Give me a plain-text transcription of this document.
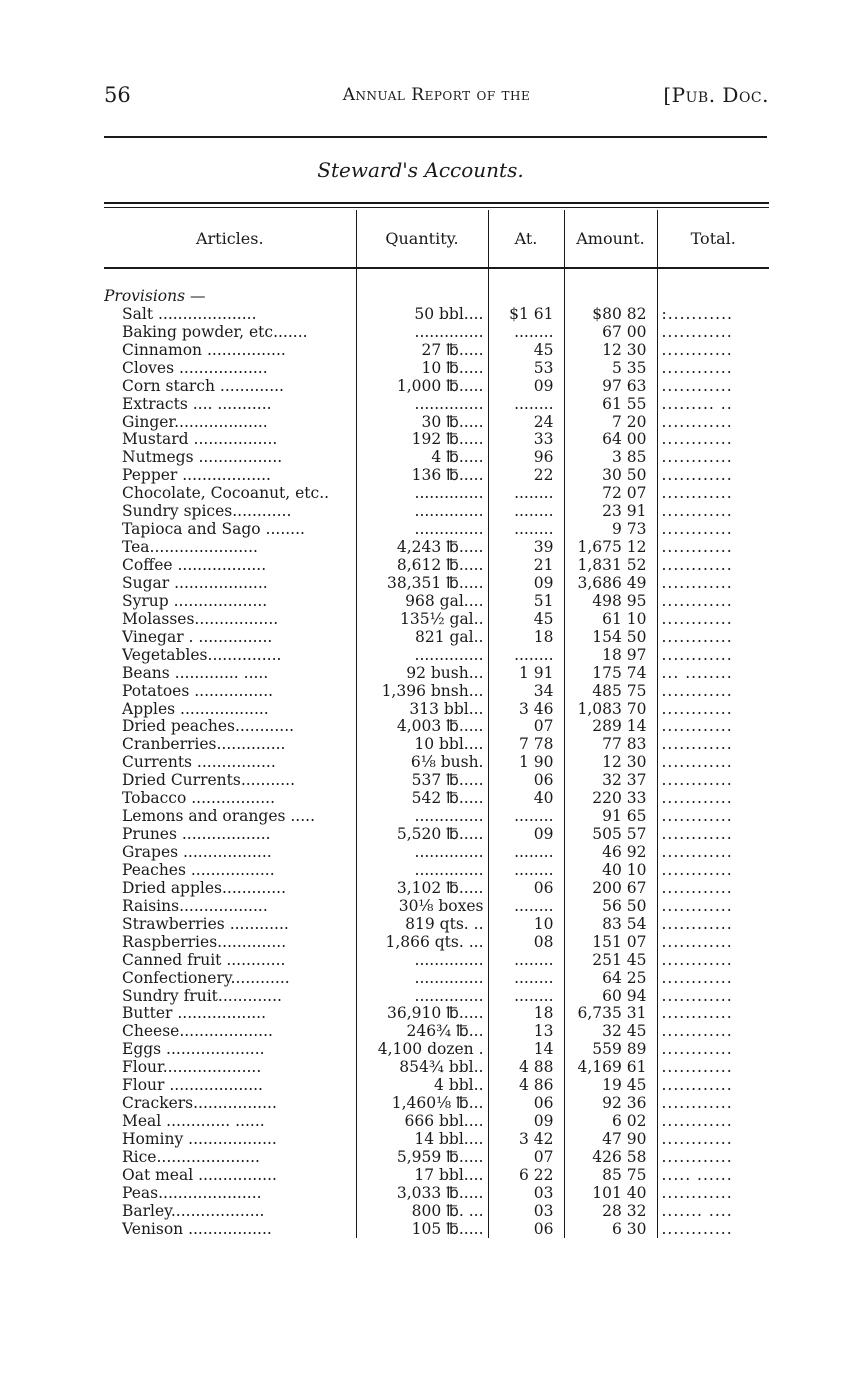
56	Annual Report of the	[Pub. Doc.
Steward's Accounts.
Articles.	Quantity.	At.	Amount.	Total.

Provisions —				
Salt ....................	50 bbl....	$1 61	$80 82	:...........
Baking powder, etc.......	..............	........	67 00	............
Cinnamon ................	27 ℔.....	45	12 30	............
Cloves ..................	10 ℔.....	53	5 35	............
Corn starch .............	1,000 ℔.....	09	97 63	............
Extracts .... ...........	..............	........	61 55	......... ..
Ginger...................	30 ℔.....	24	7 20	............
Mustard .................	192 ℔.....	33	64 00	............
Nutmegs .................	4 ℔.....	96	3 85	............
Pepper ..................	136 ℔.....	22	30 50	............
Chocolate, Cocoanut, etc..	..............	........	72 07	............
Sundry spices............	..............	........	23 91	............
Tapioca and Sago ........	..............	........	9 73	............
Tea......................	4,243 ℔.....	39	1,675 12	............
Coffee ..................	8,612 ℔.....	21	1,831 52	............
Sugar ...................	38,351 ℔.....	09	3,686 49	............
Syrup ...................	968 gal....	51	498 95	............
Molasses.................	135½ gal..	45	61 10	............
Vinegar . ...............	821 gal..	18	154 50	............
Vegetables...............	..............	........	18 97	............
Beans ............. .....	92 bush...	1 91	175 74	... ........
Potatoes ................	1,396 bnsh...	34	485 75	............
Apples ..................	313 bbl...	3 46	1,083 70	............
Dried peaches............	4,003 ℔.....	07	289 14	............
Cranberries..............	10 bbl....	7 78	77 83	............
Currents ................	6⅛ bush.	1 90	12 30	............
Dried Currents...........	537 ℔.....	06	32 37	............
Tobacco .................	542 ℔.....	40	220 33	............
Lemons and oranges .....	..............	........	91 65	............
Prunes ..................	5,520 ℔.....	09	505 57	............
Grapes ..................	..............	........	46 92	............
Peaches .................	..............	........	40 10	............
Dried apples.............	3,102 ℔.....	06	200 67	............
Raisins..................	30⅛ boxes	........	56 50	............
Strawberries ............	819 qts. ..	10	83 54	............
Raspberries..............	1,866 qts. ...	08	151 07	............
Canned fruit ............	..............	........	251 45	............
Confectionery............	..............	........	64 25	............
Sundry fruit.............	..............	........	60 94	............
Butter ..................	36,910 ℔.....	18	6,735 31	............
Cheese...................	246¾ ℔...	13	32 45	............
Eggs ....................	4,100 dozen .	14	559 89	............
Flour....................	854¾ bbl..	4 88	4,169 61	............
Flour ...................	4 bbl..	4 86	19 45	............
Crackers.................	1,460⅛ ℔...	06	92 36	............
Meal ............. ......	666 bbl....	09	6 02	............
Hominy ..................	14 bbl....	3 42	47 90	............
Rice.....................	5,959 ℔.....	07	426 58	............
Oat meal ................	17 bbl....	6 22	85 75	..... ......
Peas.....................	3,033 ℔.....	03	101 40	............
Barley...................	800 ℔. ...	03	28 32	....... ....
Venison .................	105 ℔.....	06	6 30	............
